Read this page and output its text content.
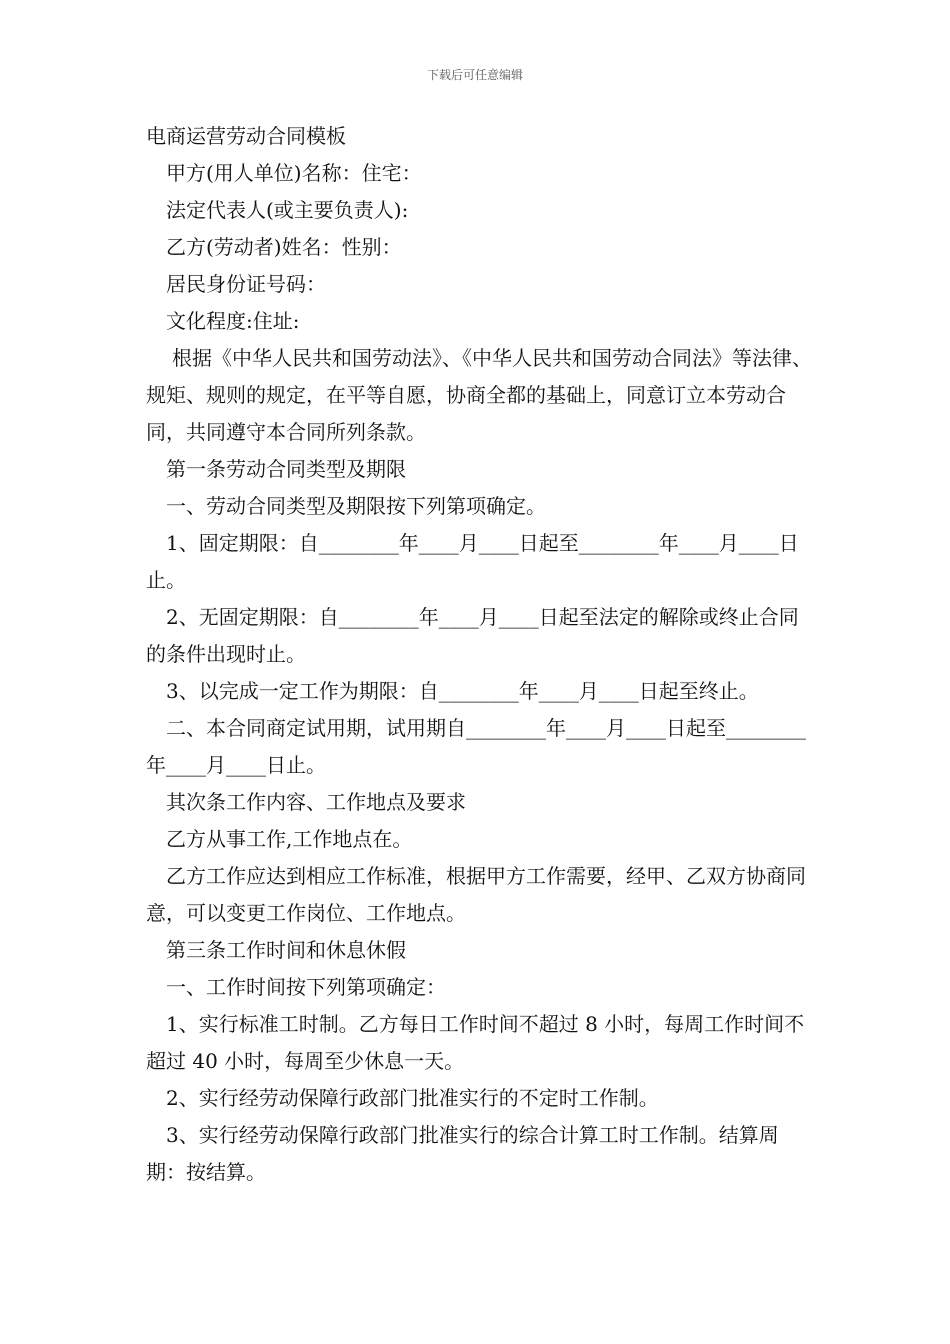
下载后可任意编辑

电商运营劳动合同模板

甲方(用人单位)名称：住宅：

法定代表人(或主要负责人):

乙方(劳动者)姓名：性别：

居民身份证号码：

文化程度:住址:

根据《中华人民共和国劳动法》、《中华人民共和国劳动合同法》等法律、规矩、规则的规定，在平等自愿，协商全都的基础上，同意订立本劳动合同，共同遵守本合同所列条款。

第一条劳动合同类型及期限

一、劳动合同类型及期限按下列第项确定。

1、固定期限：自________年____月____日起至________年____月____日止。

2、无固定期限：自________年____月____日起至法定的解除或终止合同的条件出现时止。

3、以完成一定工作为期限：自________年____月____日起至终止。

二、本合同商定试用期，试用期自________年____月____日起至________年____月____日止。

其次条工作内容、工作地点及要求

乙方从事工作,工作地点在。

乙方工作应达到相应工作标准，根据甲方工作需要，经甲、乙双方协商同意，可以变更工作岗位、工作地点。

第三条工作时间和休息休假

一、工作时间按下列第项确定：

1、实行标准工时制。乙方每日工作时间不超过 8 小时，每周工作时间不超过 40 小时，每周至少休息一天。

2、实行经劳动保障行政部门批准实行的不定时工作制。

3、实行经劳动保障行政部门批准实行的综合计算工时工作制。结算周期：按结算。
